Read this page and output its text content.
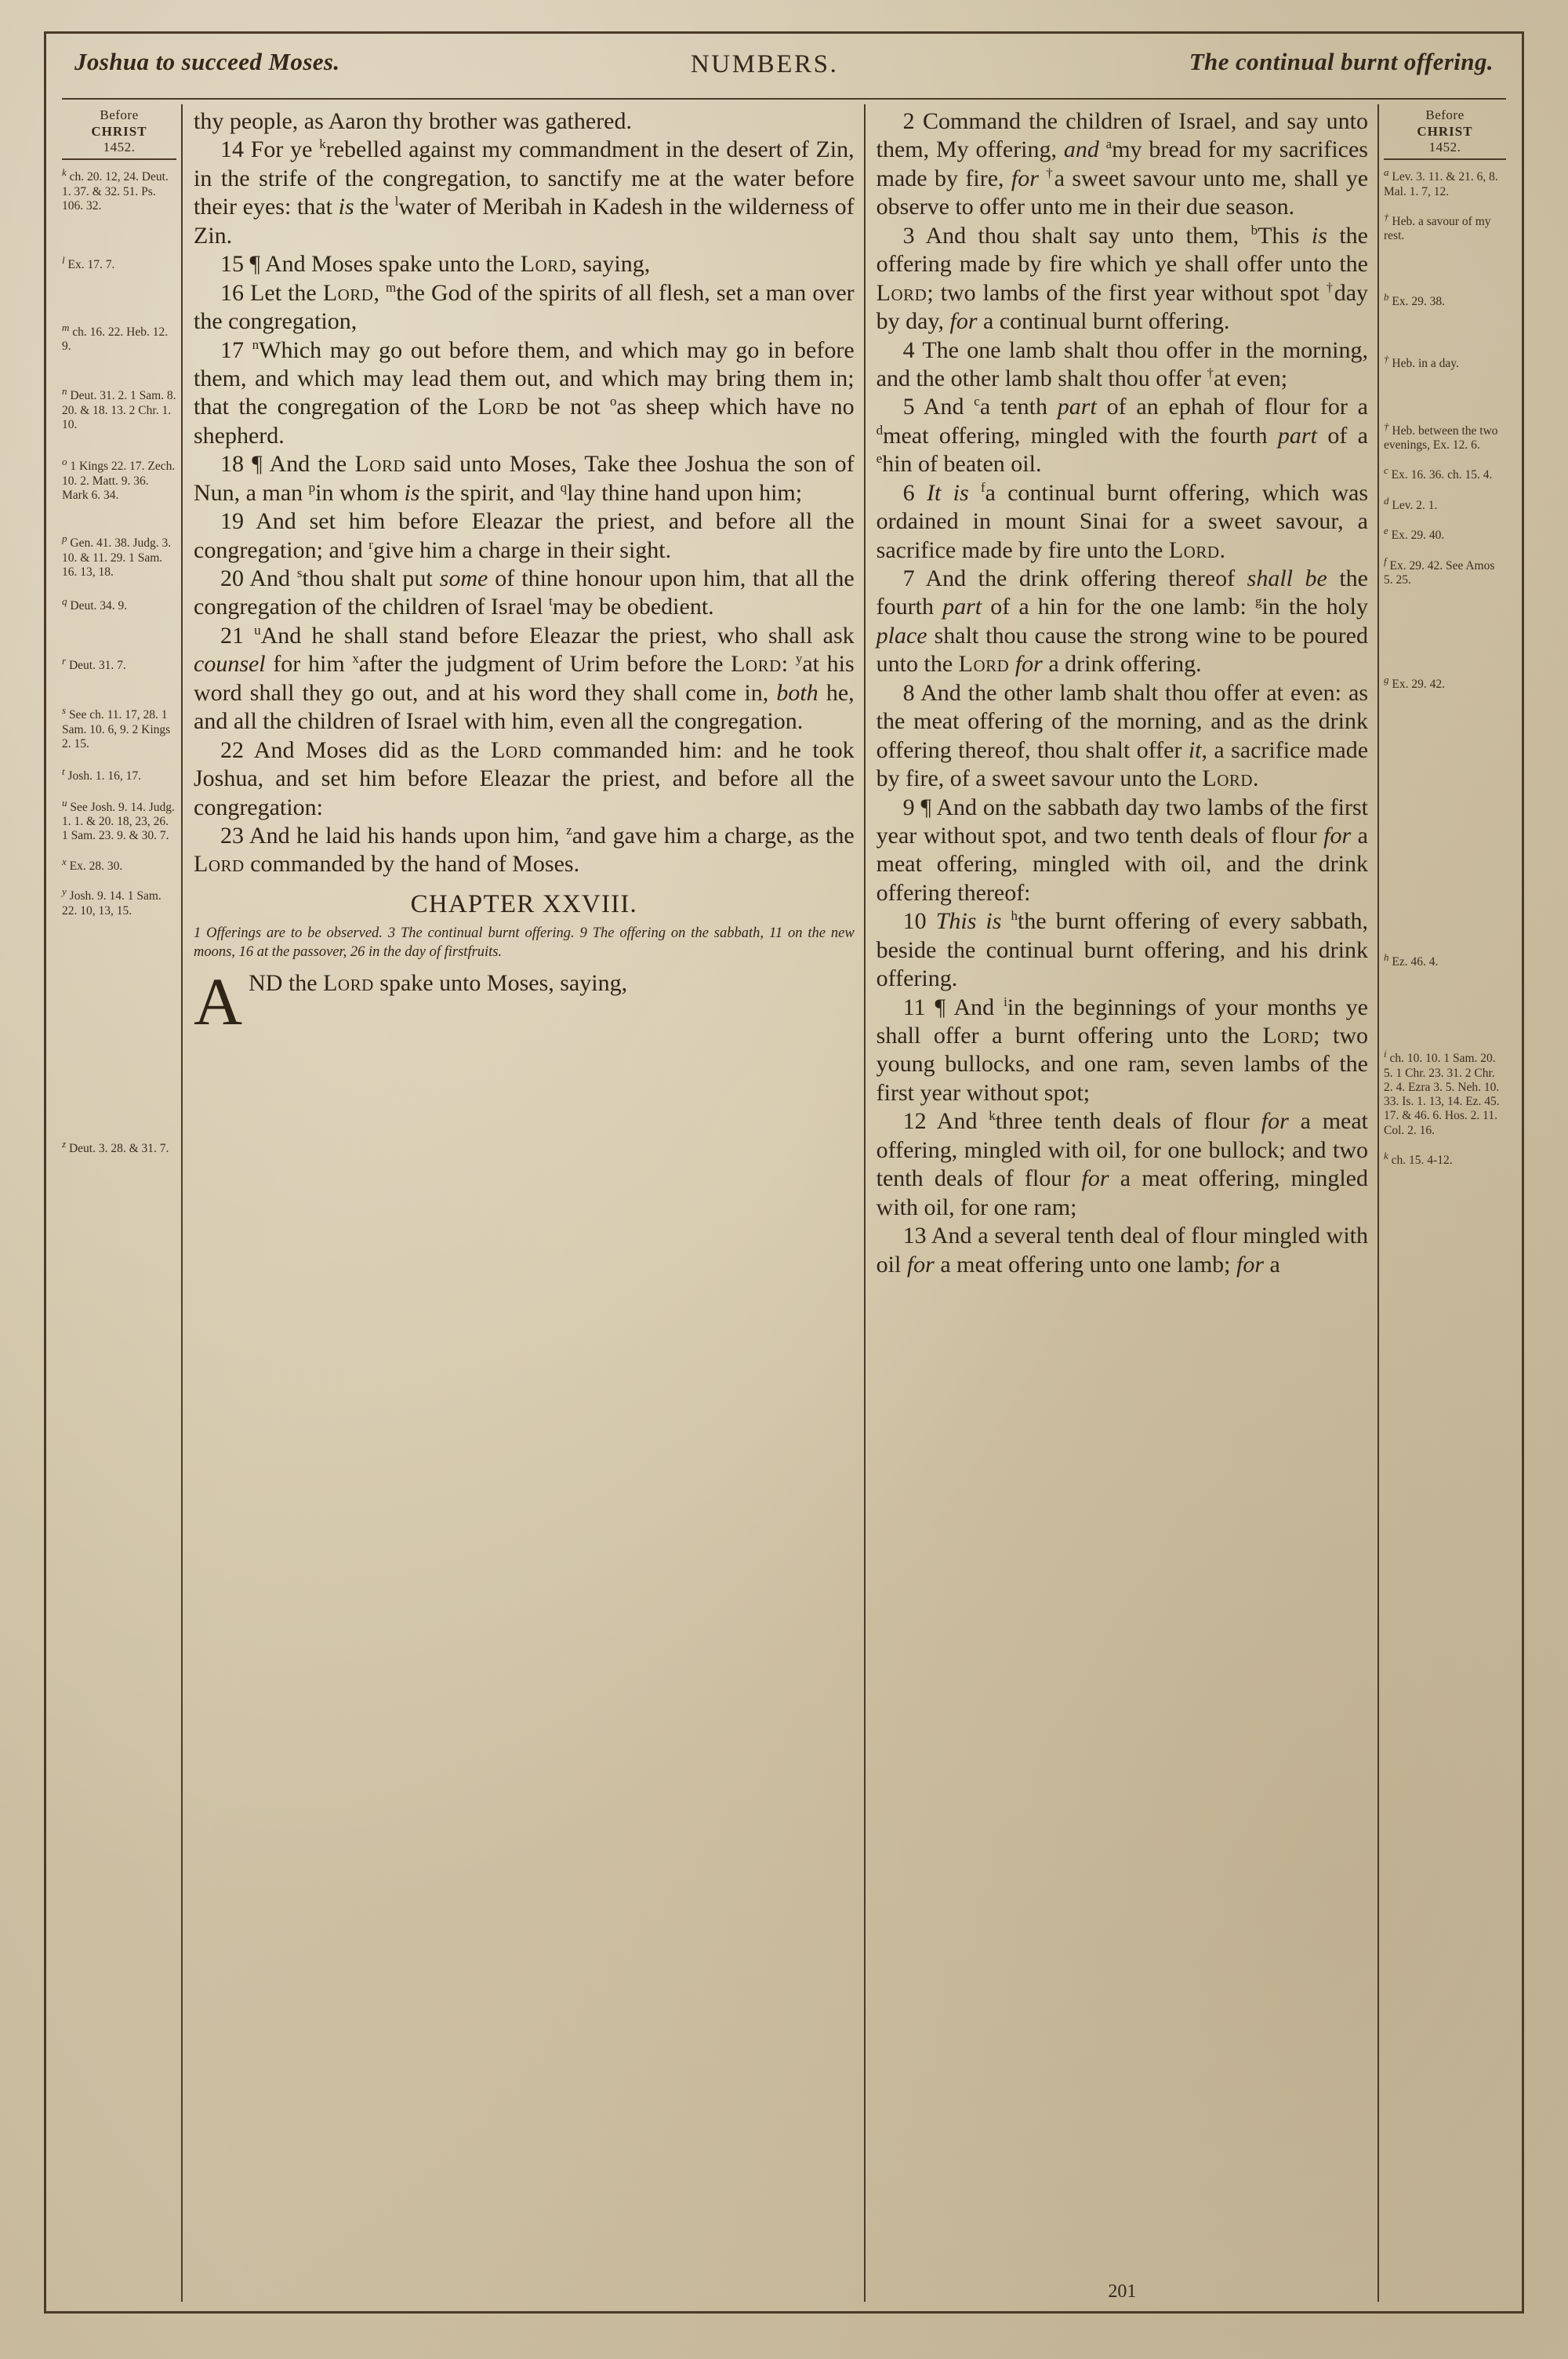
Joshua to succeed Moses.	NUMBERS.	The continual burnt offering.
Before
CHRIST
1452.
$^k$ ch. 20. 12, 24. Deut. 1. 37. & 32. 51. Ps. 106. 32.
$^l$ Ex. 17. 7.
$^m$ ch. 16. 22. Heb. 12. 9.
$^n$ Deut. 31. 2. 1 Sam. 8. 20. & 18. 13. 2 Chr. 1. 10.
$^o$ 1 Kings 22. 17. Zech. 10. 2. Matt. 9. 36. Mark 6. 34.
$^p$ Gen. 41. 38. Judg. 3. 10. & 11. 29. 1 Sam. 16. 13, 18.
$^q$ Deut. 34. 9.
$^r$ Deut. 31. 7.
$^s$ See ch. 11. 17, 28. 1 Sam. 10. 6, 9. 2 Kings 2. 15.
$^t$ Josh. 1. 16, 17.
$^u$ See Josh. 9. 14. Judg. 1. 1. & 20. 18, 23, 26. 1 Sam. 23. 9. & 30. 7.
$^x$ Ex. 28. 30.
$^y$ Josh. 9. 14. 1 Sam. 22. 10, 13, 15.
$^z$ Deut. 3. 28. & 31. 7.

thy people, as Aaron thy brother was gathered.

14 For ye $^k$rebelled against my commandment in the desert of Zin, in the strife of the congregation, to sanctify me at the water before their eyes: that is the $^l$water of Meribah in Kadesh in the wilderness of Zin.

15 ¶ And Moses spake unto the Lord, saying,

16 Let the Lord, $^m$the God of the spirits of all flesh, set a man over the congregation,

17 $^n$Which may go out before them, and which may go in before them, and which may lead them out, and which may bring them in; that the congregation of the Lord be not $^o$as sheep which have no shepherd.

18 ¶ And the Lord said unto Moses, Take thee Joshua the son of Nun, a man $^p$in whom is the spirit, and $^q$lay thine hand upon him;

19 And set him before Eleazar the priest, and before all the congregation; and $^r$give him a charge in their sight.

20 And $^s$thou shalt put some of thine honour upon him, that all the congregation of the children of Israel $^t$may be obedient.

21 $^u$And he shall stand before Eleazar the priest, who shall ask counsel for him $^x$after the judgment of Urim before the Lord: $^y$at his word shall they go out, and at his word they shall come in, both he, and all the children of Israel with him, even all the congregation.

22 And Moses did as the Lord commanded him: and he took Joshua, and set him before Eleazar the priest, and before all the congregation:

23 And he laid his hands upon him, $^z$and gave him a charge, as the Lord commanded by the hand of Moses.

CHAPTER XXVIII.
1 Offerings are to be observed. 3 The continual burnt offering. 9 The offering on the sabbath, 11 on the new moons, 16 at the passover, 26 in the day of firstfruits.
A ND the Lord spake unto Moses, saying,

2 Command the children of Israel, and say unto them, My offering, and $^a$my bread for my sacrifices made by fire, for †a sweet savour unto me, shall ye observe to offer unto me in their due season.

3 And thou shalt say unto them, $^b$This is the offering made by fire which ye shall offer unto the Lord; two lambs of the first year without spot †day by day, for a continual burnt offering.

4 The one lamb shalt thou offer in the morning, and the other lamb shalt thou offer †at even;

5 And $^c$a tenth part of an ephah of flour for a $^d$meat offering, mingled with the fourth part of a $^e$hin of beaten oil.

6 It is $^f$a continual burnt offering, which was ordained in mount Sinai for a sweet savour, a sacrifice made by fire unto the Lord.

7 And the drink offering thereof shall be the fourth part of a hin for the one lamb: $^g$in the holy place shalt thou cause the strong wine to be poured unto the Lord for a drink offering.

8 And the other lamb shalt thou offer at even: as the meat offering of the morning, and as the drink offering thereof, thou shalt offer it, a sacrifice made by fire, of a sweet savour unto the Lord.

9 ¶ And on the sabbath day two lambs of the first year without spot, and two tenth deals of flour for a meat offering, mingled with oil, and the drink offering thereof:

10 This is $^h$the burnt offering of every sabbath, beside the continual burnt offering, and his drink offering.

11 ¶ And $^i$in the beginnings of your months ye shall offer a burnt offering unto the Lord; two young bullocks, and one ram, seven lambs of the first year without spot;

12 And $^k$three tenth deals of flour for a meat offering, mingled with oil, for one bullock; and two tenth deals of flour for a meat offering, mingled with oil, for one ram;

13 And a several tenth deal of flour mingled with oil for a meat offering unto one lamb; for a

201
Before
CHRIST
1452.
$^a$ Lev. 3. 11. & 21. 6, 8. Mal. 1. 7, 12.
† Heb. a savour of my rest.
$^b$ Ex. 29. 38.
† Heb. in a day.
† Heb. between the two evenings, Ex. 12. 6.
$^c$ Ex. 16. 36. ch. 15. 4.
$^d$ Lev. 2. 1.
$^e$ Ex. 29. 40.
$^f$ Ex. 29. 42. See Amos 5. 25.
$^g$ Ex. 29. 42.
$^h$ Ez. 46. 4.
$^i$ ch. 10. 10. 1 Sam. 20. 5. 1 Chr. 23. 31. 2 Chr. 2. 4. Ezra 3. 5. Neh. 10. 33. Is. 1. 13, 14. Ez. 45. 17. & 46. 6. Hos. 2. 11. Col. 2. 16.
$^k$ ch. 15. 4-12.
